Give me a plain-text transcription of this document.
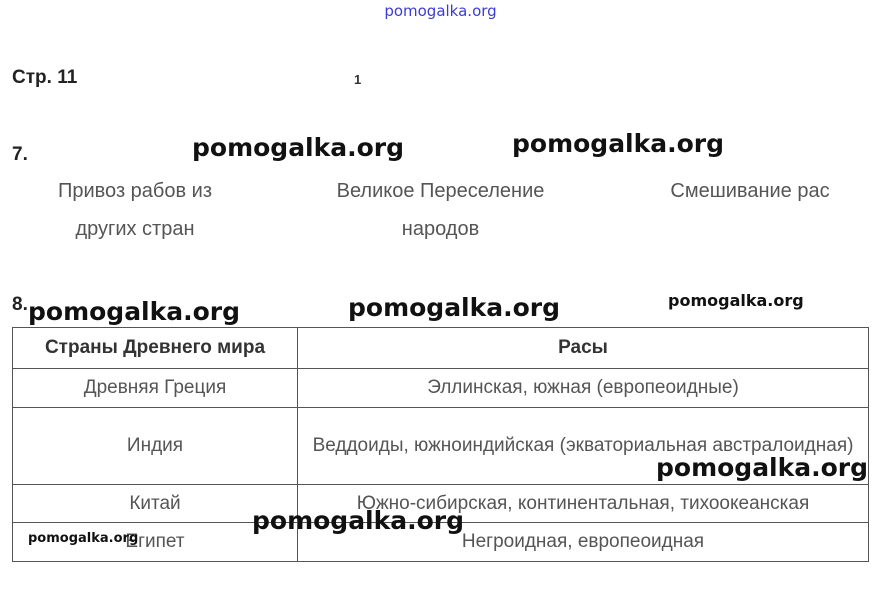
pomogalka.org
Стр. 11	1
7.
Привоз рабов из других стран
Великое Переселение народов
Смешивание рас
8.
Страны Древнего мира	Расы
Древняя Греция	Эллинская, южная (европеоидные)
Индия	Веддоиды, южноиндийская (экваториальная австралоидная)
Китай	Южно-сибирская, континентальная, тихоокеанская
Египет	Негроидная, европеоидная
pomogalka.org	pomogalka.org
pomogalka.org	pomogalka.org	pomogalka.org
pomogalka.org
pomogalka.org
pomogalka.org
